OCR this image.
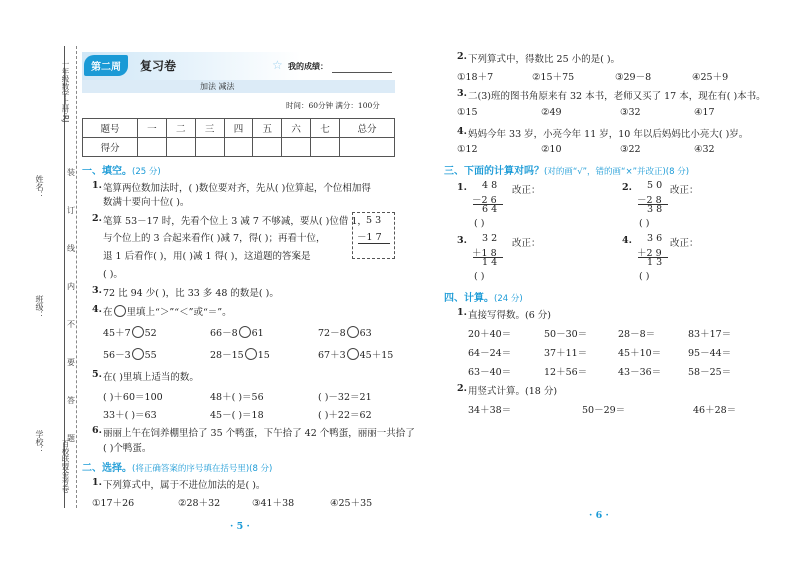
一年级数学上册·RJ
姓名：
班级：
学校：
装
订
线
内
不
要
答
题
百校联盟金考卷
第二周	复习卷	☆ 我的成绩：
加法 减法
时间：60分钟 满分：100分
题号	一	二	三	四	五	六	七	总分
得分								
一、填空。(25 分)
1. 笔算两位数加法时，( )数位要对齐，先从( )位算起，个位相加得
数满十要向十位( )。
2. 笔算 53－17 时，先看个位上 3 减 7 不够减，要从( )位借 1，
与个位上的 3 合起来看作( )减 7，得( )；再看十位，
退 1 后看作( )，用( )减 1 得( )，这道题的答案是
( )。
5 3
－1 7
3. 72 比 94 少( )，比 33 多 48 的数是( )。
4. 在 里填上“＞”“＜”或“＝”。
45＋7 52	66－8 61	72－8 63
56－3 55	28－15 15	67＋3 45＋15
5. 在( )里填上适当的数。
( )＋60＝100	48＋( )＝56	( )－32＝21
33＋( )＝63	45－( )＝18	( )＋22＝62
6. 丽丽上午在饲养棚里拾了 35 个鸭蛋，下午拾了 42 个鸭蛋，丽丽一共拾了
( )个鸭蛋。
二、选择。(将正确答案的序号填在括号里)(8 分)
1. 下列算式中，属于不进位加法的是( )。
①17＋26	②28＋32	③41＋38	④25＋35
· 5 ·
2. 下列算式中，得数比 25 小的是( )。
①18＋7	②15＋75	③29－8	④25＋9
3. 二(3)班的图书角原来有 32 本书，老师又买了 17 本，现在有( )本书。
①15	②49	③32	④17
4. 妈妈今年 33 岁，小亮今年 11 岁，10 年以后妈妈比小亮大( )岁。
①12	②10	③22	④32
三、下面的计算对吗？(对的画“√”，错的画“×”并改正)(8 分)
1. 4 8
－2 6
6 4
( )
改正：	2. 5 0
－2 8
3 8
( )
改正：
3. 3 2
＋1 8
1 4
( )
改正：	4. 3 6
＋2 9
1 3
( )
改正：
四、计算。(24 分)
1. 直接写得数。(6 分)
20＋40＝	50－30＝	28－8＝	83＋17＝
64－24＝	37＋11＝	45＋10＝	95－44＝
63－40＝	12＋56＝	43－36＝	58－25＝
2. 用竖式计算。(18 分)
34＋38＝	50－29＝	46＋28＝
· 6 ·
